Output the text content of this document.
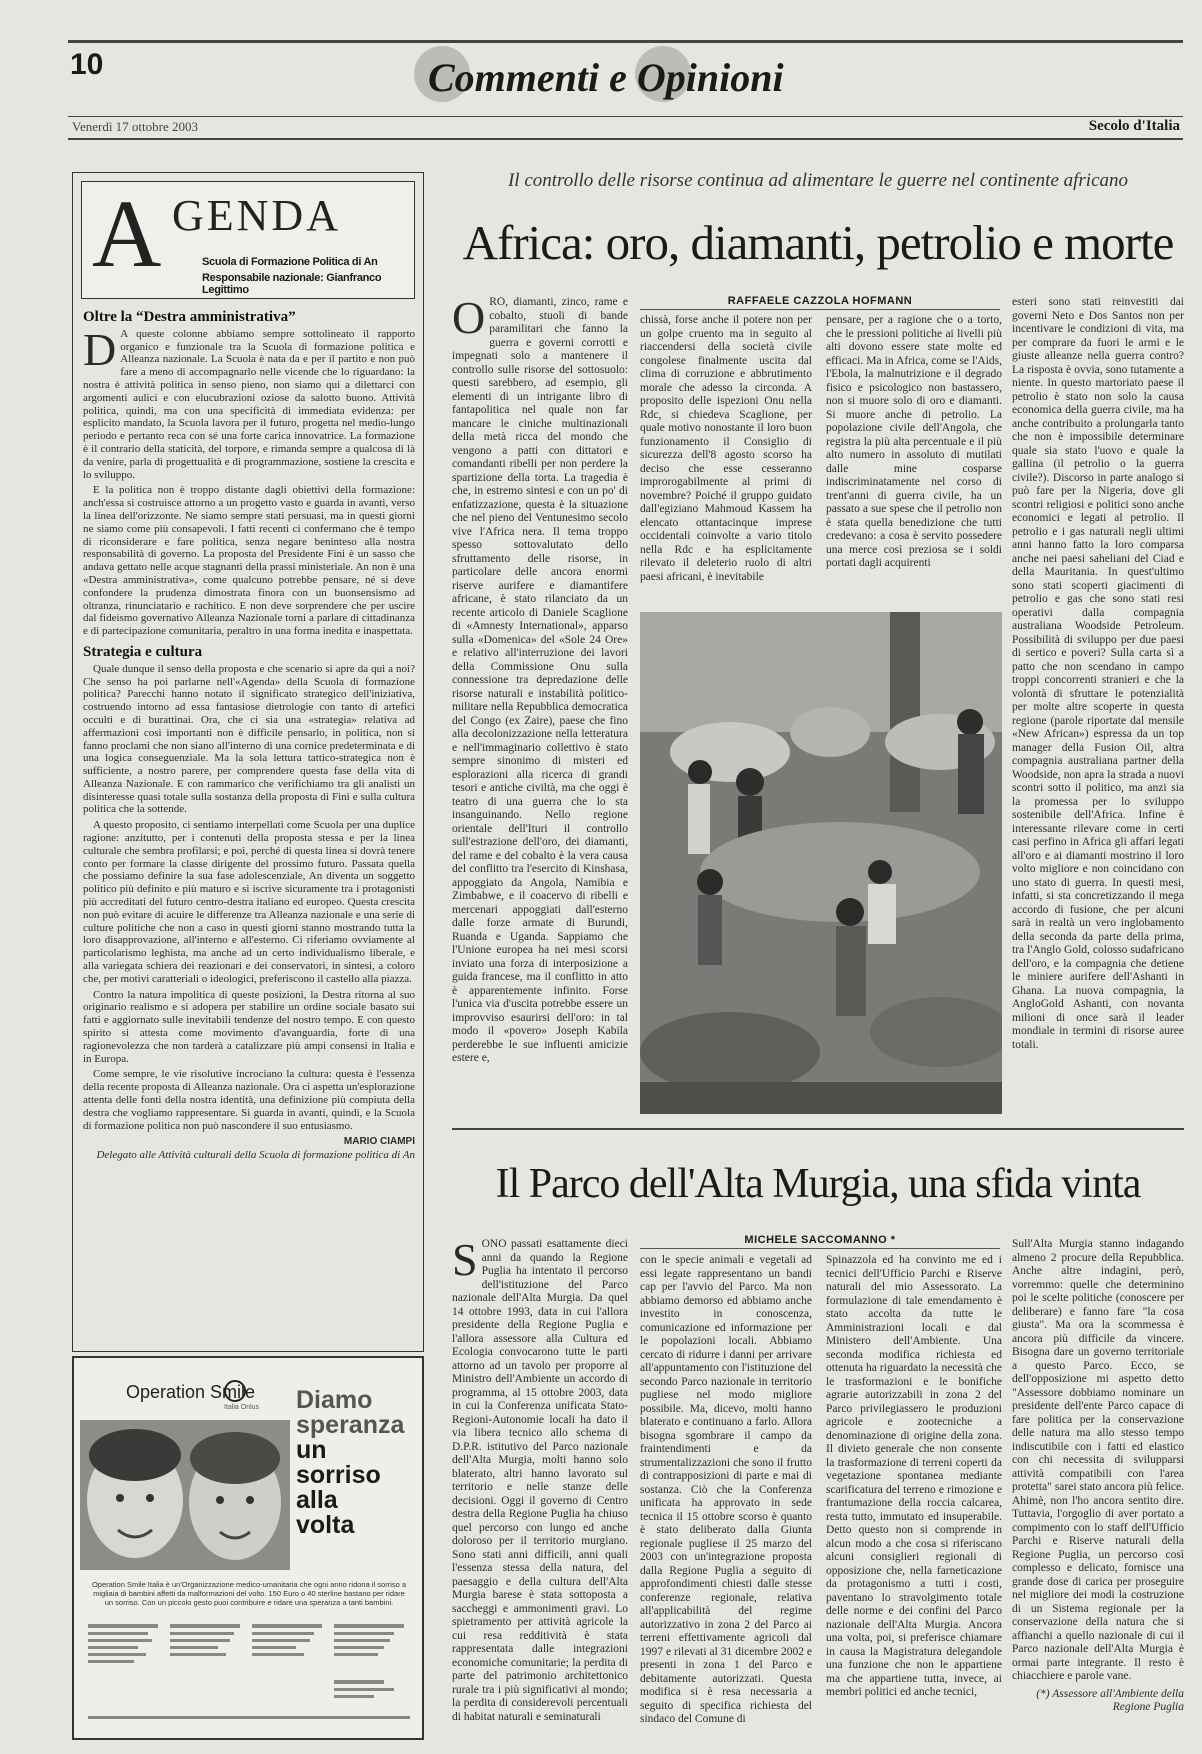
10	Commenti e Opinioni
Venerdì 17 ottobre 2003	Secolo d'Italia
A GENDA
Scuola di Formazione Politica di An
Responsabile nazionale: Gianfranco Legittimo
Oltre la “Destra amministrativa”
D A queste colonne abbiamo sempre sottolineato il rapporto organico e funzionale tra la Scuola di formazione politica e Alleanza nazionale. La Scuola è nata da e per il partito e non può fare a meno di accompagnarlo nelle vicende che lo riguardano: la nostra è attività politica in senso pieno, non siamo qui a dilettarci con argomenti aulici e con elucubrazioni oziose da salotto buono. Attività politica, quindi, ma con una specificità di immediata evidenza: per esplicito mandato, la Scuola lavora per il futuro, progetta nel medio-lungo periodo e pertanto reca con sé una forte carica innovatrice. La formazione è il contrario della staticità, del torpore, e rimanda sempre a qualcosa di là da venire, parla di progettualità e di programmazione, sostiene la crescita e lo sviluppo.

E la politica non è troppo distante dagli obiettivi della formazione: anch'essa si costruisce attorno a un progetto vasto e guarda in avanti, verso la linea dell'orizzonte. Ne siamo sempre stati persuasi, ma in questi giorni ne siamo come più consapevoli. I fatti recenti ci confermano che è tempo di riconsiderare e fare politica, senza negare beninteso alla nostra responsabilità di governo. La proposta del Presidente Fini è un sasso che andava gettato nelle acque stagnanti della prassi ministeriale. An non è una «Destra amministrativa», come qualcuno potrebbe pensare, né si deve confondere la prudenza dimostrata finora con un buonsensismo ad oltranza, rinunciatario e rachitico. E non deve sorprendere che per uscire dal fideismo governativo Alleanza Nazionale torni a parlare di cittadinanza e di partecipazione comunitaria, peraltro in una forma inedita e inaspettata.

Strategia e cultura

Quale dunque il senso della proposta e che scenario si apre da qui a noi? Che senso ha poi parlarne nell'«Agenda» della Scuola di formazione politica? Parecchi hanno notato il significato strategico dell'iniziativa, costruendo intorno ad essa fantasiose dietrologie con tanto di artefici occulti e di burattinai. Ora, che ci sia una «strategia» relativa ad affermazioni così importanti non è difficile pensarlo, in politica, non si fanno proclami che non siano all'interno di una cornice predeterminata e di una logica conseguenziale. Ma la sola lettura tattico-strategica non è sufficiente, a nostro parere, per comprendere questa fase della vita di Alleanza Nazionale. E con rammarico che verifichiamo tra gli analisti un disinteresse quasi totale sulla sostanza della proposta di Fini e sulla cultura politica che la sottende.

A questo proposito, ci sentiamo interpellati come Scuola per una duplice ragione: anzitutto, per i contenuti della proposta stessa e per la linea culturale che sembra profilarsi; e poi, perché di questa linea si dovrà tenere conto per formare la classe dirigente del prossimo futuro. Passata quella che possiamo definire la sua fase adolescenziale, An diventa un soggetto politico più definito e più maturo e si iscrive sicuramente tra i protagonisti più accreditati del futuro centro-destra italiano ed europeo. Questa crescita non può evitare di acuire le differenze tra Alleanza nazionale e una serie di culture politiche che non a caso in questi giorni stanno mostrando tutta la loro disapprovazione, all'interno e all'esterno. Ci riferiamo ovviamente al particolarismo leghista, ma anche ad un certo individualismo liberale, e alla variegata schiera dei reazionari e dei conservatori, in sintesi, a coloro che, per motivi caratteriali o ideologici, preferiscono il castello alla piazza.

Contro la natura impolitica di queste posizioni, la Destra ritorna al suo originario realismo e si adopera per stabilire un ordine sociale basato sui fatti e aggiornato sulle inevitabili tendenze del nostro tempo. E con questo spirito si attesta come movimento d'avanguardia, forte di una ragionevolezza che non tarderà a catalizzare più ampi consensi in Italia e in Europa.

Come sempre, le vie risolutive incrociano la cultura: questa è l'essenza della recente proposta di Alleanza nazionale. Ora ci aspetta un'esplorazione attenta delle fonti della nostra identità, una definizione più compiuta della destra che vogliamo rappresentare. Si guarda in avanti, quindi, e la Scuola di formazione politica non può nascondere il suo entusiasmo.

MARIO CIAMPI
Delegato alle Attività culturali della Scuola di formazione politica di An
Operation Smile
Italia Onlus Diamo
speranza
un
sorriso
alla
volta
Operation Smile Italia è un'Organizzazione medico-umanitaria che ogni anno ridona il sorriso a migliaia di bambini affetti da malformazioni del volto. 150 Euro o 40 sterline bastano per ridare un sorriso. Con un piccolo gesto puoi contribuire e ridare una speranza a tanti bambini.
Il controllo delle risorse continua ad alimentare le guerre nel continente africano
Africa: oro, diamanti, petrolio e morte
O RO, diamanti, zinco, rame e cobalto, stuoli di bande paramilitari che fanno la guerra e governi corrotti e impegnati solo a mantenere il controllo sulle risorse del sottosuolo: questi sarebbero, ad esempio, gli elementi di un intrigante libro di fantapolitica nel quale non far mancare le ciniche multinazionali della metà ricca del mondo che vengono a patti con dittatori e comandanti ribelli per non perdere la spartizione della torta. La tragedia è che, in estremo sintesi e con un po' di enfatizzazione, questa è la situazione che nel pieno del Ventunesimo secolo vive l'Africa nera. Il tema troppo spesso sottovalutato dello sfruttamento delle risorse, in particolare delle ancora enormi riserve aurifere e diamantifere africane, è stato rilanciato da un recente articolo di Daniele Scaglione di «Amnesty International», apparso sulla «Domenica» del «Sole 24 Ore» e relativo all'interruzione dei lavori della Commissione Onu sulla connessione tra depredazione delle risorse naturali e instabilità politico-militare nella Repubblica democratica del Congo (ex Zaire), paese che fino alla decolonizzazione nella letteratura e nell'immaginario collettivo è stato sempre sinonimo di misteri ed esplorazioni alla ricerca di grandi tesori e antiche civiltà, ma che oggi è teatro di una guerra che lo sta insanguinando. Nello regione orientale dell'Ituri il controllo sull'estrazione dell'oro, dei diamanti, del rame e del cobalto è la vera causa del conflitto tra l'esercito di Kinshasa, appoggiato da Angola, Namibia e Zimbabwe, e il coacervo di ribelli e mercenari appoggiati dall'esterno dalle forze armate di Burundi, Ruanda e Uganda. Sappiamo che l'Unione europea ha nei mesi scorsi inviato una forza di interposizione a guida francese, ma il conflitto in atto è apparentemente infinito. Forse l'unica via d'uscita potrebbe essere un improvviso esaurirsi dell'oro: in tal modo il «povero» Joseph Kabila perderebbe le sue influenti amicizie estere e,
RAFFAELE CAZZOLA HOFMANN
chissà, forse anche il potere non per un golpe cruento ma in seguito al riaccendersi della società civile congolese finalmente uscita dal clima di corruzione e abbrutimento morale che adesso la circonda. A proposito delle ispezioni Onu nella Rdc, si chiedeva Scaglione, per quale motivo nonostante il loro buon funzionamento il Consiglio di sicurezza dell'8 agosto scorso ha deciso che esse cesseranno improrogabilmente al primi di novembre? Poiché il gruppo guidato dall'egiziano Mahmoud Kassem ha elencato ottantacinque imprese occidentali coinvolte a vario titolo nella Rdc e ha esplicitamente rilevato il deleterio ruolo di altri paesi africani, è inevitabile
pensare, per a ragione che o a torto, che le pressioni politiche ai livelli più alti dovono essere state molte ed efficaci. Ma in Africa, come se l'Aids, l'Ebola, la malnutrizione e il degrado fisico e psicologico non bastassero, non si muore solo di oro e diamanti. Si muore anche di petrolio. La popolazione civile dell'Angola, che registra la più alta percentuale e il più alto numero in assoluto di mutilati dalle mine cosparse indiscriminatamente nel corso di trent'anni di guerra civile, ha un passato a sue spese che il petrolio non è stata quella benedizione che tutti credevano: a cosa è servito possedere una merce così preziosa se i soldi portati dagli acquirenti
esteri sono stati reinvestiti dai governi Neto e Dos Santos non per incentivare le condizioni di vita, ma per comprare da fuori le armi e le giuste alleanze nella guerra contro? La risposta è ovvia, sono tutamente a niente. In questo martoriato paese il petrolio è stato non solo la causa economica della guerra civile, ma ha anche contribuito a prolungarla tanto che non è impossibile determinare quale sia stato l'uovo e quale la gallina (il petrolio o la guerra civile?). Discorso in parte analogo si può fare per la Nigeria, dove gli scontri religiosi e politici sono anche economici e legati al petrolio. Il petrolio e i gas naturali negli ultimi anni hanno fatto la loro comparsa anche nei paesi saheliani del Ciad e della Mauritania. In quest'ultimo sono stati scoperti giacimenti di petrolio e gas che sono stati resi operativi dalla compagnia australiana Woodside Petroleum. Possibilità di sviluppo per due paesi di sertico e poveri? Sulla carta sì a patto che non scendano in campo troppi concorrenti stranieri e che la volontà di sfruttare le potenzialità per molte altre scoperte in questa regione (parole riportate dal mensile «New African») espressa da un top manager della Fusion Oil, altra compagnia australiana partner della Woodside, non apra la strada a nuovi scontri sotto il politico, ma anzi sia la promessa per lo sviluppo sostenibile dell'Africa. Infine è interessante rilevare come in certi casi perfino in Africa gli affari legati all'oro e ai diamanti mostrino il loro volto migliore e non coincidano con uno stato di guerra. In questi mesi, infatti, si sta concretizzando il mega accordo di fusione, che per alcuni sarà in realtà un vero inglobamento della seconda da parte della prima, tra l'Anglo Gold, colosso sudafricano dell'oro, e la compagnia che detiene le miniere aurifere dell'Ashanti in Ghana. La nuova compagnia, la AngloGold Ashanti, con novanta milioni di once sarà il leader mondiale in termini di risorse auree totali.
Il Parco dell'Alta Murgia, una sfida vinta
MICHELE SACCOMANNO *
S ONO passati esattamente dieci anni da quando la Regione Puglia ha intentato il percorso dell'istituzione del Parco nazionale dell'Alta Murgia. Da quel 14 ottobre 1993, data in cui l'allora presidente della Regione Puglia e l'allora assessore alla Cultura ed Ecologia convocarono tutte le parti attorno ad un tavolo per proporre al Ministro dell'Ambiente un accordo di programma, al 15 ottobre 2003, data in cui la Conferenza unificata Stato-Regioni-Autonomie locali ha dato il via libera tecnico allo schema di D.P.R. istitutivo del Parco nazionale dell'Alta Murgia, molti hanno solo blaterato, altri hanno lavorato sul territorio e nelle stanze delle decisioni. Oggi il governo di Centro destra della Regione Puglia ha chiuso quel percorso con lungo ed anche doloroso per il territorio murgiano. Sono stati anni difficili, anni quali l'essenza stessa della natura, del paesaggio e della cultura dell'Alta Murgia barese è stata sottoposta a saccheggi e ammonimenti gravi. Lo spietramento per attività agricole la cui resa redditività è stata rappresentata dalle integrazioni economiche comunitarie; la perdita di parte del patrimonio architettonico rurale tra i più significativi al mondo; la perdita di considerevoli percentuali di habitat naturali e seminaturali
con le specie animali e vegetali ad essi legate rappresentano un bandi cap per l'avvio del Parco. Ma non abbiamo demorso ed abbiamo anche investito in conoscenza, comunicazione ed informazione per le popolazioni locali. Abbiamo cercato di ridurre i danni per arrivare all'appuntamento con l'istituzione del secondo Parco nazionale in territorio pugliese nel modo migliore possibile. Ma, dicevo, molti hanno blaterato e continuano a farlo. Allora bisogna sgombrare il campo da fraintendimenti e da strumentalizzazioni che sono il frutto di contrapposizioni di parte e mai di sostanza. Ciò che la Conferenza unificata ha approvato in sede tecnica il 15 ottobre scorso è quanto è stato deliberato dalla Giunta regionale pugliese il 25 marzo del 2003 con un'integrazione proposta dalla Regione Puglia a seguito di approfondimenti chiesti dalle stesse conferenze regionale, relativa all'applicabilità del regime autorizzativo in zona 2 del Parco ai terreni effettivamente agricoli dal 1997 e rilevati al 31 dicembre 2002 e presenti in zona 1 del Parco e debitamente autorizzati. Questa modifica si è resa necessaria a seguito di specifica richiesta del sindaco del Comune di
Spinazzola ed ha convinto me ed i tecnici dell'Ufficio Parchi e Riserve naturali del mio Assessorato. La formulazione di tale emendamento è stato accolta da tutte le Amministrazioni locali e dal Ministero dell'Ambiente. Una seconda modifica richiesta ed ottenuta ha riguardato la necessità che le trasformazioni e le bonifiche agrarie autorizzabili in zona 2 del Parco privilegiassero le produzioni agricole e zootecniche a denominazione di origine della zona. Il divieto generale che non consente la trasformazione di terreni coperti da vegetazione spontanea mediante scarificatura del terreno e rimozione e frantumazione della roccia calcarea, resta tutto, immutato ed insuperabile. Detto questo non si comprende in alcun modo a che cosa si riferiscano alcuni consiglieri regionali di opposizione che, nella farneticazione da protagonismo a tutti i costi, paventano lo stravolgimento totale delle norme e dei confini del Parco nazionale dell'Alta Murgia. Ancora una volta, poi, si preferisce chiamare in causa la Magistratura delegandole una funzione che non le appartiene ma che appartiene tutta, invece, ai membri politici ed anche tecnici,
Sull'Alta Murgia stanno indagando almeno 2 procure della Repubblica. Anche altre indagini, però, vorremmo: quelle che determinino poi le scelte politiche (conoscere per deliberare) e fanno fare "la cosa giusta". Ma ora la scommessa è ancora più difficile da vincere. Bisogna dare un governo territoriale a questo Parco. Ecco, se dell'opposizione mi aspetto detto "Assessore dobbiamo nominare un presidente dell'ente Parco capace di fare politica per la conservazione delle natura ma allo stesso tempo indiscutibile con i fatti ed elastico con chi necessita di svilupparsi attività compatibili con l'area protetta" sarei stato ancora più felice. Ahimè, non l'ho ancora sentito dire. Tuttavia, l'orgoglio di aver portato a compimento con lo staff dell'Ufficio Parchi e Riserve naturali della Regione Puglia, un percorso così complesso e delicato, fornisce una grande dose di carica per proseguire nel migliore dei modi la costruzione di un Sistema regionale per la conservazione della natura che si affianchi a quello nazionale di cui il Parco nazionale dell'Alta Murgia è ormai parte integrante. Il resto è chiacchiere e parole vane.
(*) Assessore all'Ambiente della Regione Puglia
